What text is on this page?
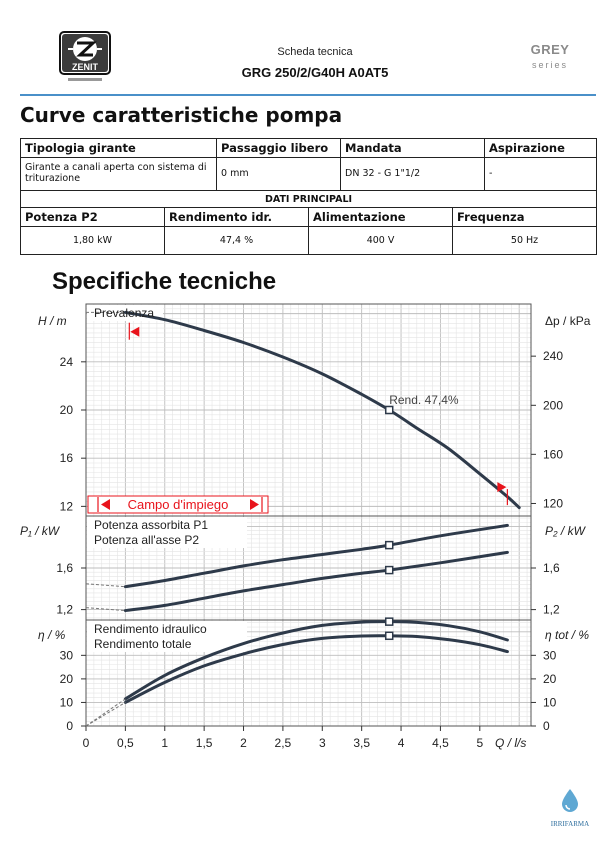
ZENIT
Scheda tecnica
GRG 250/2/G40H A0AT5
GREY
series
Curve caratteristiche pompa
Tipologia girante		Passaggio libero		Mandata		Aspirazione
Girante a canali aperta con sistema di triturazione		0 mm		DN 32 - G 1"1/2		-
DATI PRINCIPALI						
Potenza P2	Rendimento idr.		Alimentazione		Frequenza	
1,80 kW	47,4 %		400 V		50 Hz	
Specifiche tecniche
12
16
20
24
120
160
200
240
1,2	1,2
1,6	1,6
0	0
10	10
20	20
30	30
H / m	Δp / kPa
P₁ / kW	P₂ / kW
η / %	η tot / %
0 0,5 1 1,5 2 2,5 3 3,5 4 4,5 5 Q / l/s
Prevalenza
Potenza assorbita P1
Potenza all'asse P2
Rendimento idraulico
Rendimento totale
Rend. 47,4%
Campo d'impiego
IRRIFARMA
